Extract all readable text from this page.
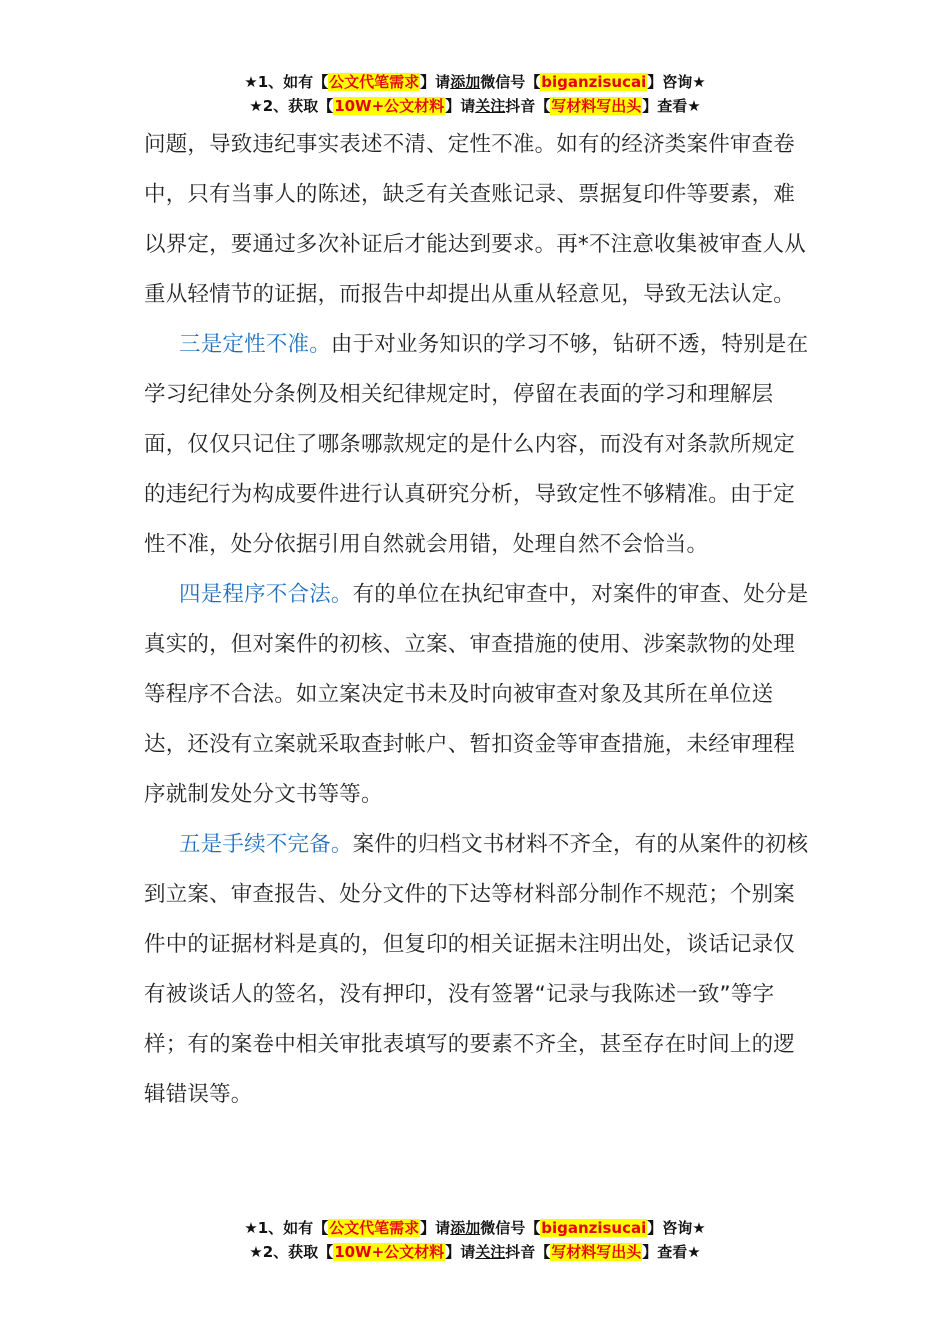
★1、如有【公文代笔需求】请添加微信号【biganzisucai】咨询★
★2、获取【10W+公文材料】请关注抖音【写材料写出头】查看★

问题，导致违纪事实表述不清、定性不准。如有的经济类案件审查卷中，只有当事人的陈述，缺乏有关查账记录、票据复印件等要素，难以界定，要通过多次补证后才能达到要求。再*不注意收集被审查人从重从轻情节的证据，而报告中却提出从重从轻意见，导致无法认定。

三是定性不准。由于对业务知识的学习不够，钻研不透，特别是在学习纪律处分条例及相关纪律规定时，停留在表面的学习和理解层面，仅仅只记住了哪条哪款规定的是什么内容，而没有对条款所规定的违纪行为构成要件进行认真研究分析，导致定性不够精准。由于定性不准，处分依据引用自然就会用错，处理自然不会恰当。

四是程序不合法。有的单位在执纪审查中，对案件的审查、处分是真实的，但对案件的初核、立案、审查措施的使用、涉案款物的处理等程序不合法。如立案决定书未及时向被审查对象及其所在单位送达，还没有立案就采取查封帐户、暂扣资金等审查措施，未经审理程序就制发处分文书等等。

五是手续不完备。案件的归档文书材料不齐全，有的从案件的初核到立案、审查报告、处分文件的下达等材料部分制作不规范；个别案件中的证据材料是真的，但复印的相关证据未注明出处，谈话记录仅有被谈话人的签名，没有押印，没有签署“记录与我陈述一致”等字样；有的案卷中相关审批表填写的要素不齐全，甚至存在时间上的逻辑错误等。

★1、如有【公文代笔需求】请添加微信号【biganzisucai】咨询★
★2、获取【10W+公文材料】请关注抖音【写材料写出头】查看★
